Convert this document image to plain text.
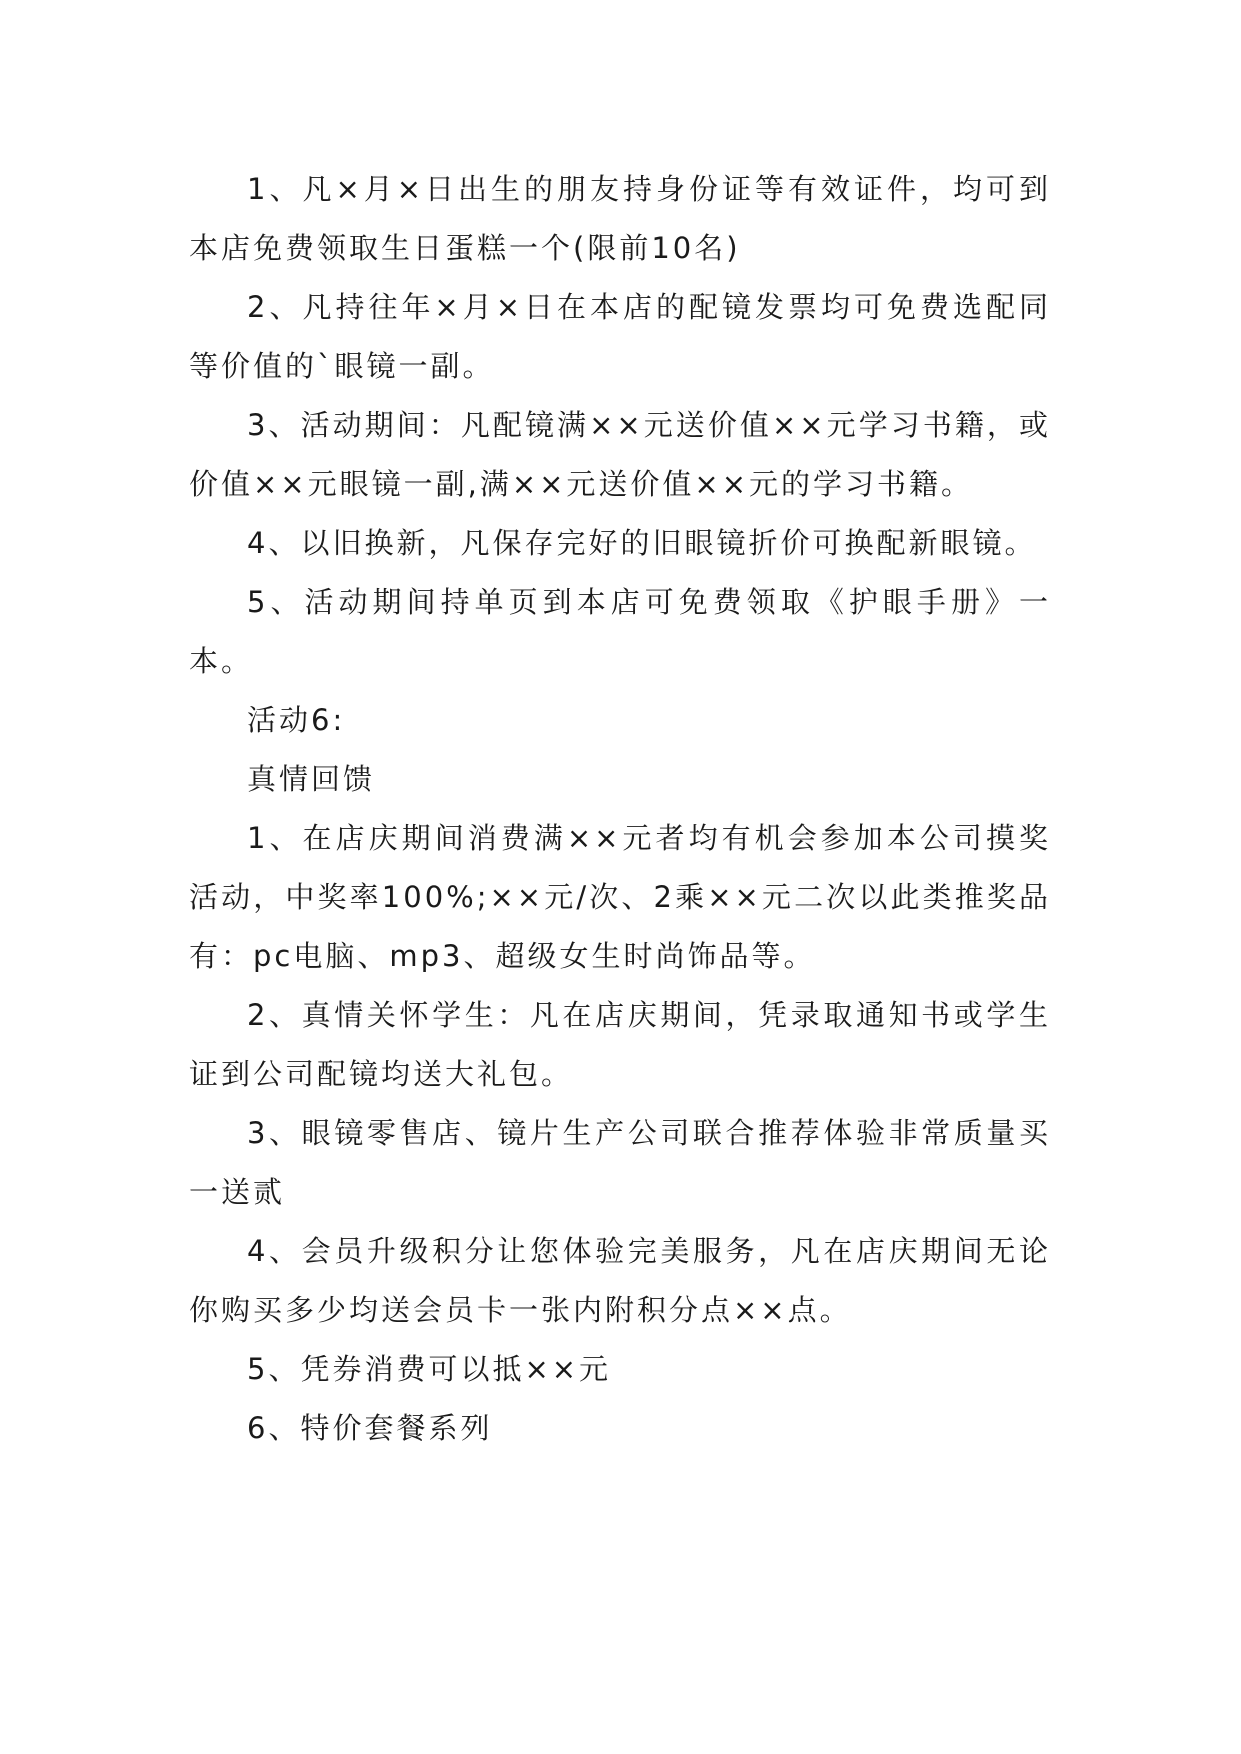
1、凡×月×日出生的朋友持身份证等有效证件，均可到本店免费领取生日蛋糕一个(限前10名)

2、凡持往年×月×日在本店的配镜发票均可免费选配同等价值的`眼镜一副。

3、活动期间：凡配镜满××元送价值××元学习书籍，或价值××元眼镜一副,满××元送价值××元的学习书籍。

4、以旧换新，凡保存完好的旧眼镜折价可换配新眼镜。

5、活动期间持单页到本店可免费领取《护眼手册》一本。

活动6:

真情回馈

1、在店庆期间消费满××元者均有机会参加本公司摸奖活动，中奖率100%;××元/次、2乘××元二次以此类推奖品有：pc电脑、mp3、超级女生时尚饰品等。

2、真情关怀学生：凡在店庆期间，凭录取通知书或学生证到公司配镜均送大礼包。

3、眼镜零售店、镜片生产公司联合推荐体验非常质量买一送贰

4、会员升级积分让您体验完美服务，凡在店庆期间无论你购买多少均送会员卡一张内附积分点××点。

5、凭券消费可以抵××元

6、特价套餐系列
